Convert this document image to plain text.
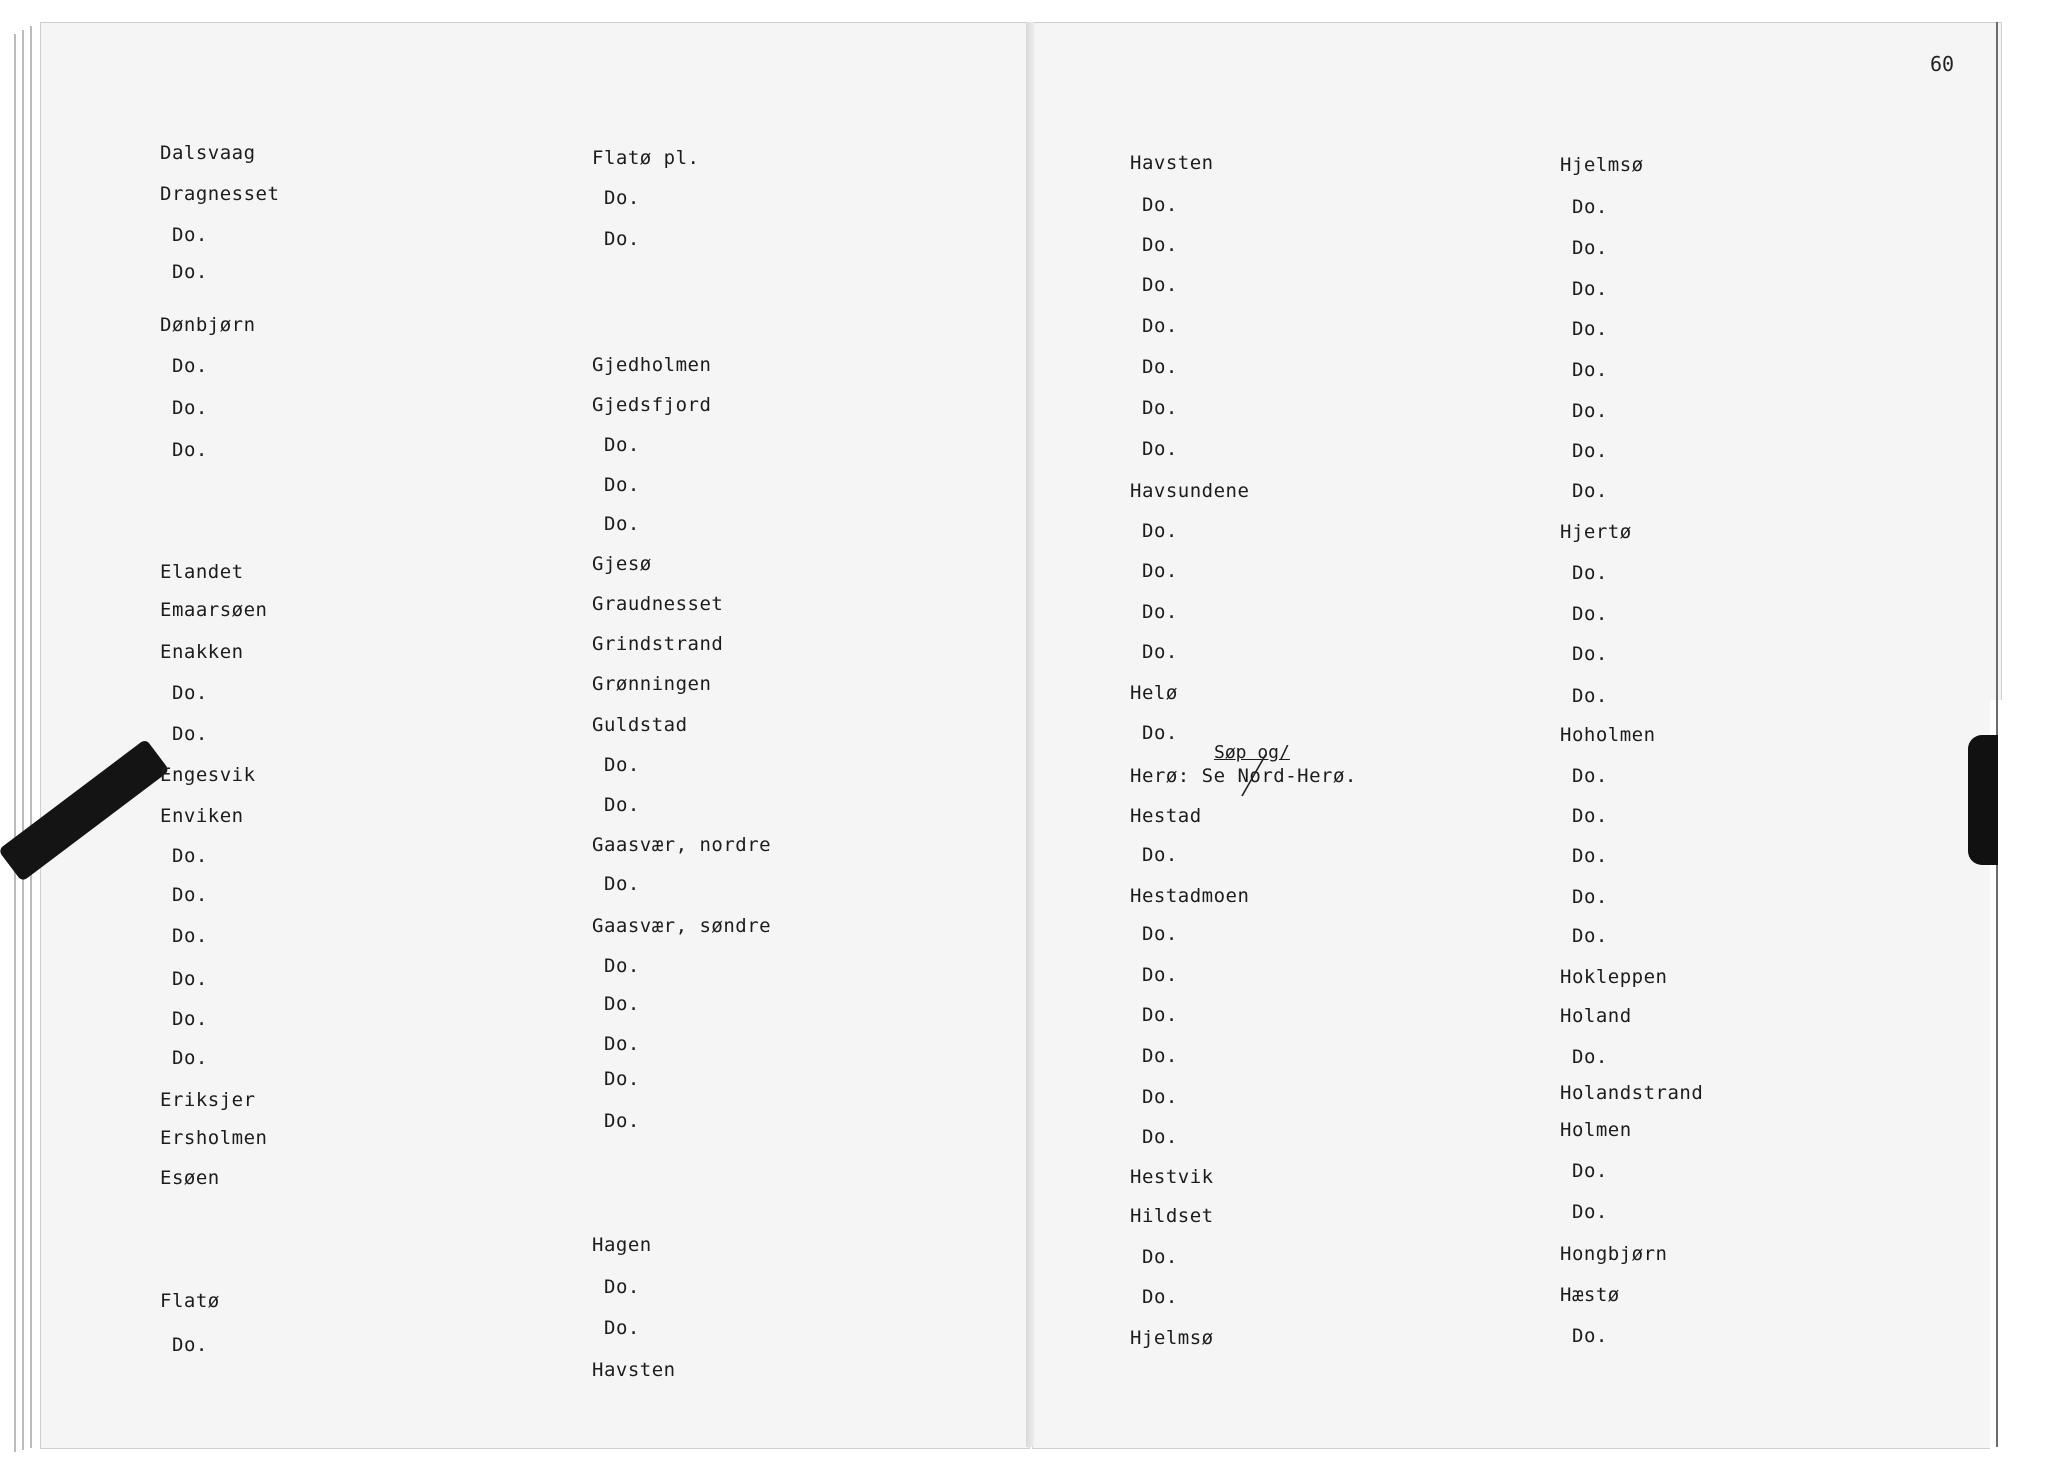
60
Søp og/
Dalsvaag
Dragnesset
Do.
Do.
Dønbjørn
Do.
Do.
Do.
Elandet
Emaarsøen
Enakken
Do.
Do.
Engesvik
Enviken
Do.
Do.
Do.
Do.
Do.
Do.
Eriksjer
Ersholmen
Esøen
Flatø
Do.
Flatø pl.
Do.
Do.
Gjedholmen
Gjedsfjord
Do.
Do.
Do.
Gjesø
Graudnesset
Grindstrand
Grønningen
Guldstad
Do.
Do.
Gaasvær, nordre
Do.
Gaasvær, søndre
Do.
Do.
Do.
Do.
Do.
Hagen
Do.
Do.
Havsten
Havsten
Do.
Do.
Do.
Do.
Do.
Do.
Do.
Havsundene
Do.
Do.
Do.
Do.
Helø
Do.
Herø: Se Nord-Herø.
Hestad
Do.
Hestadmoen
Do.
Do.
Do.
Do.
Do.
Do.
Hestvik
Hildset
Do.
Do.
Hjelmsø
Hjelmsø
Do.
Do.
Do.
Do.
Do.
Do.
Do.
Do.
Hjertø
Do.
Do.
Do.
Do.
Hoholmen
Do.
Do.
Do.
Do.
Do.
Hokleppen
Holand
Do.
Holandstrand
Holmen
Do.
Do.
Hongbjørn
Hæstø
Do.
